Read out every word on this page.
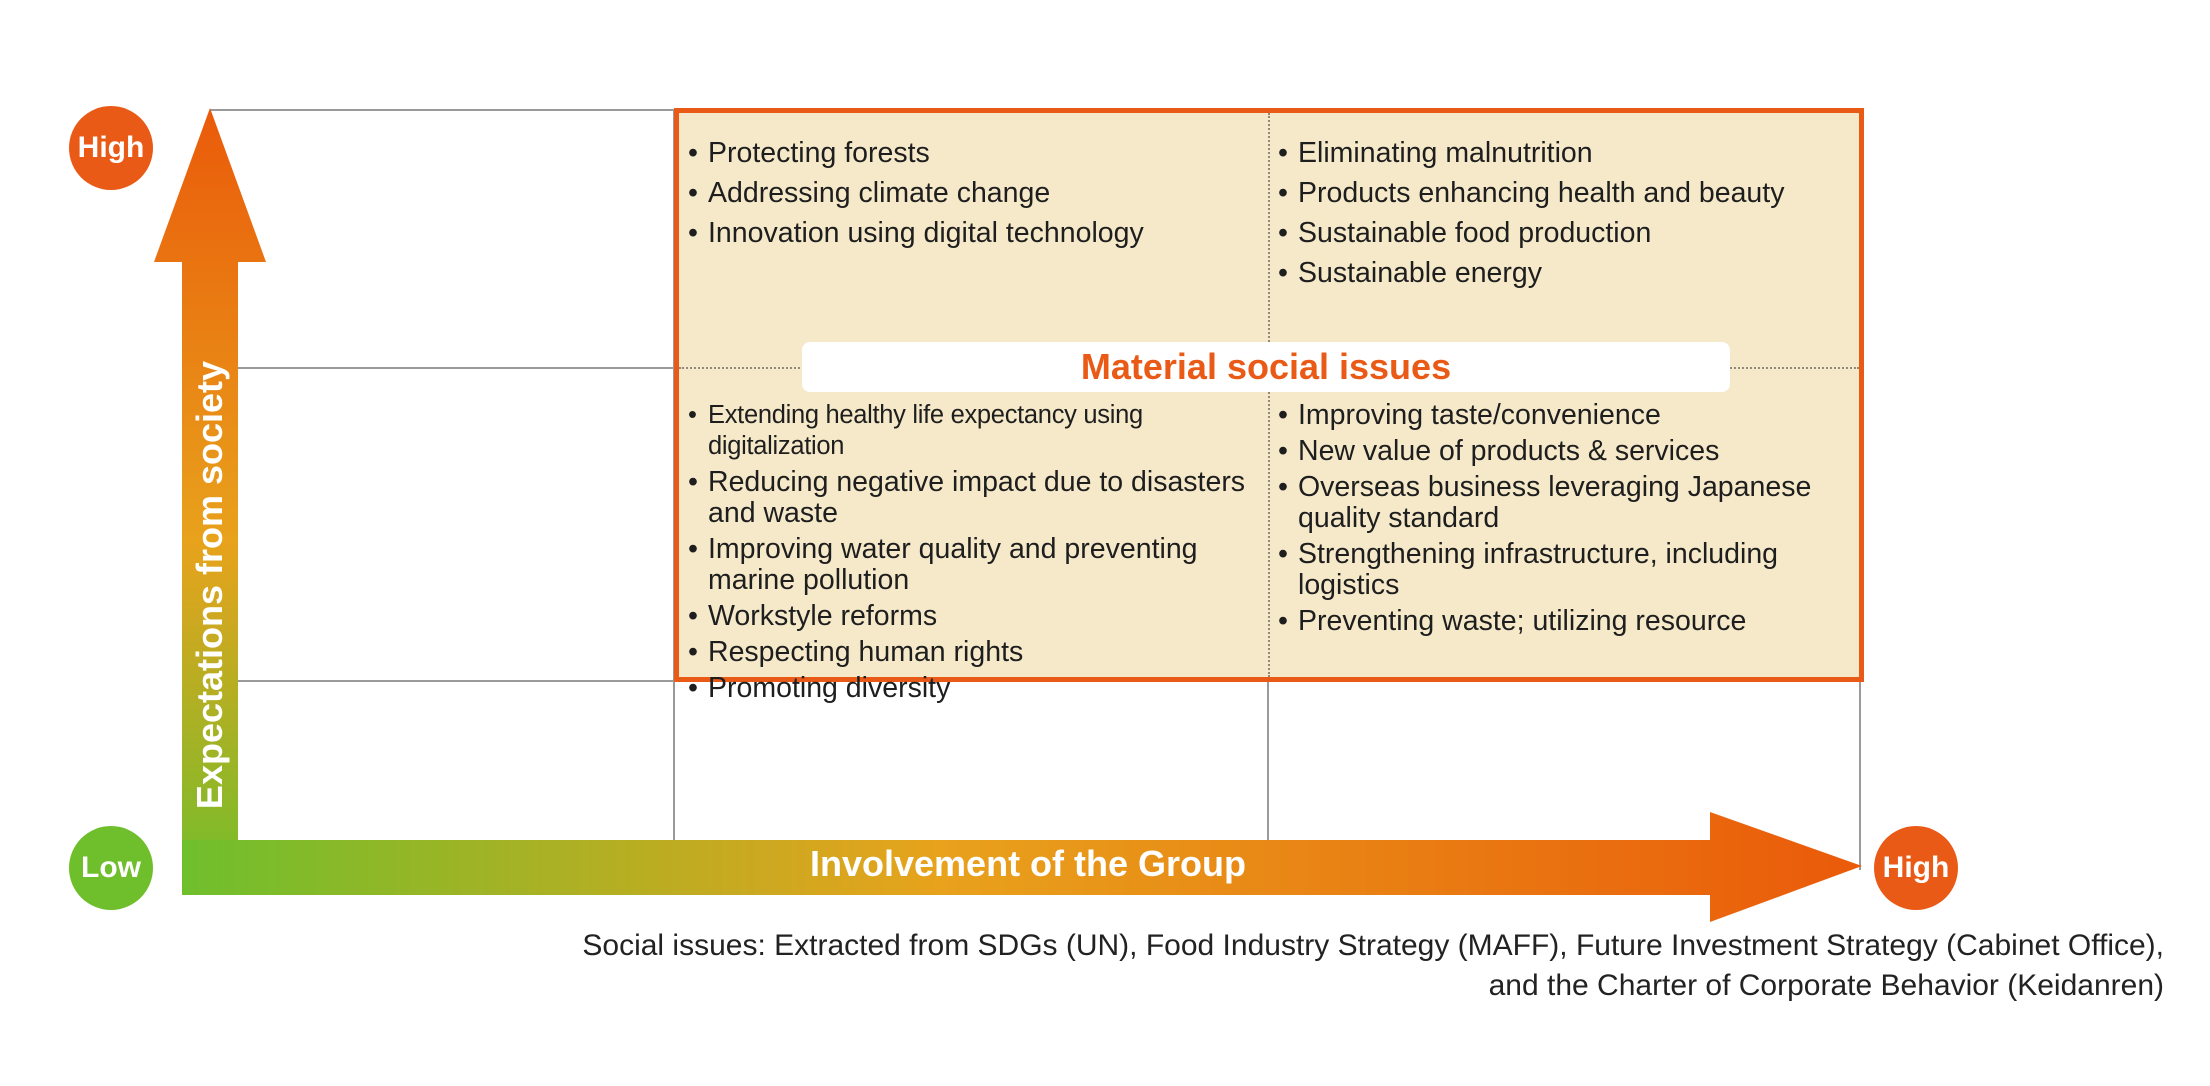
Expectations from society
Involvement of the Group
High
Low	High
Material social issues
• Protecting forests
• Addressing climate change
• Innovation using digital technology
• Eliminating malnutrition
• Products enhancing health and beauty
• Sustainable food production
• Sustainable energy
• Extending healthy life expectancy using digitalization
• Reducing negative impact due to disasters and waste
• Improving water quality and preventing marine pollution
• Workstyle reforms
• Respecting human rights
• Promoting diversity
• Improving taste/convenience
• New value of products & services
• Overseas business leveraging Japanese quality standard
• Strengthening infrastructure, including logistics
• Preventing waste; utilizing resource
Social issues: Extracted from SDGs (UN), Food Industry Strategy (MAFF), Future Investment Strategy (Cabinet Office),
and the Charter of Corporate Behavior (Keidanren)
